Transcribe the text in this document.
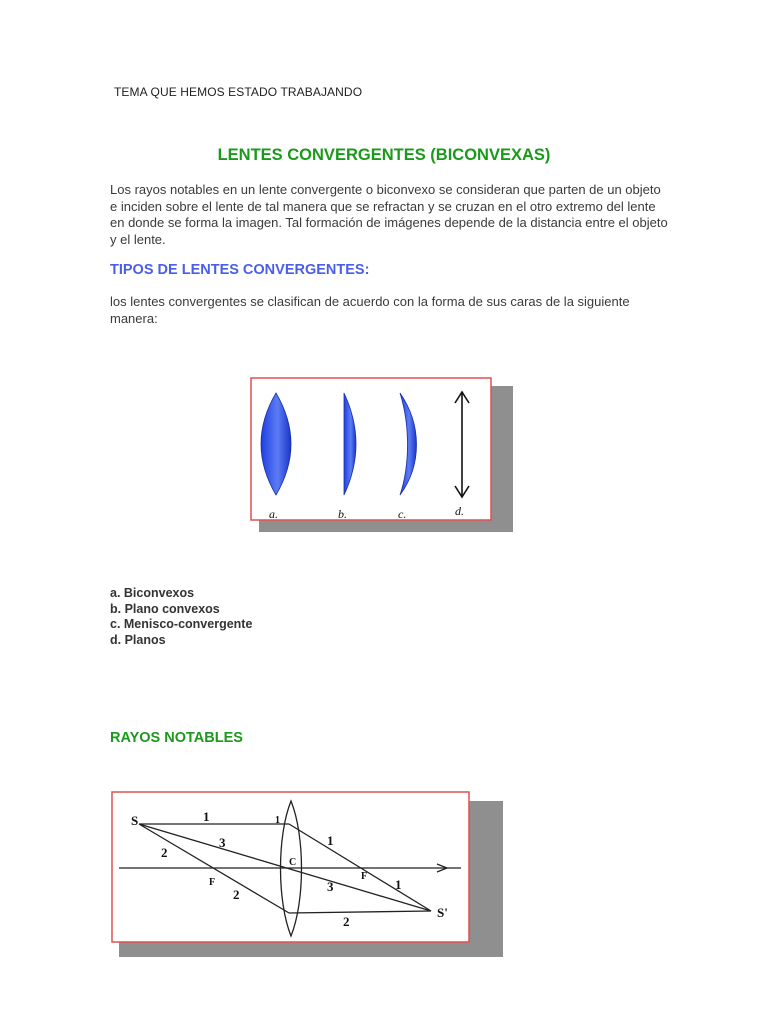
TEMA QUE HEMOS ESTADO TRABAJANDO
LENTES CONVERGENTES (BICONVEXAS)
Los rayos notables en un lente convergente o biconvexo se consideran que parten de un objeto e inciden sobre el lente de tal manera que se refractan y se cruzan en el otro extremo del lente en donde se forma la imagen. Tal formación de imágenes depende de la distancia entre el objeto y el lente.
TIPOS DE LENTES CONVERGENTES:
los lentes convergentes se clasifican de acuerdo con la forma de sus caras de la siguiente manera:
a.	b.	c.	d.
a. Biconvexos
b. Plano convexos
c. Menisco-convergente
d. Planos
RAYOS NOTABLES
S
S'
F
F
C
1
1
2
3	1
2
2
3	1
